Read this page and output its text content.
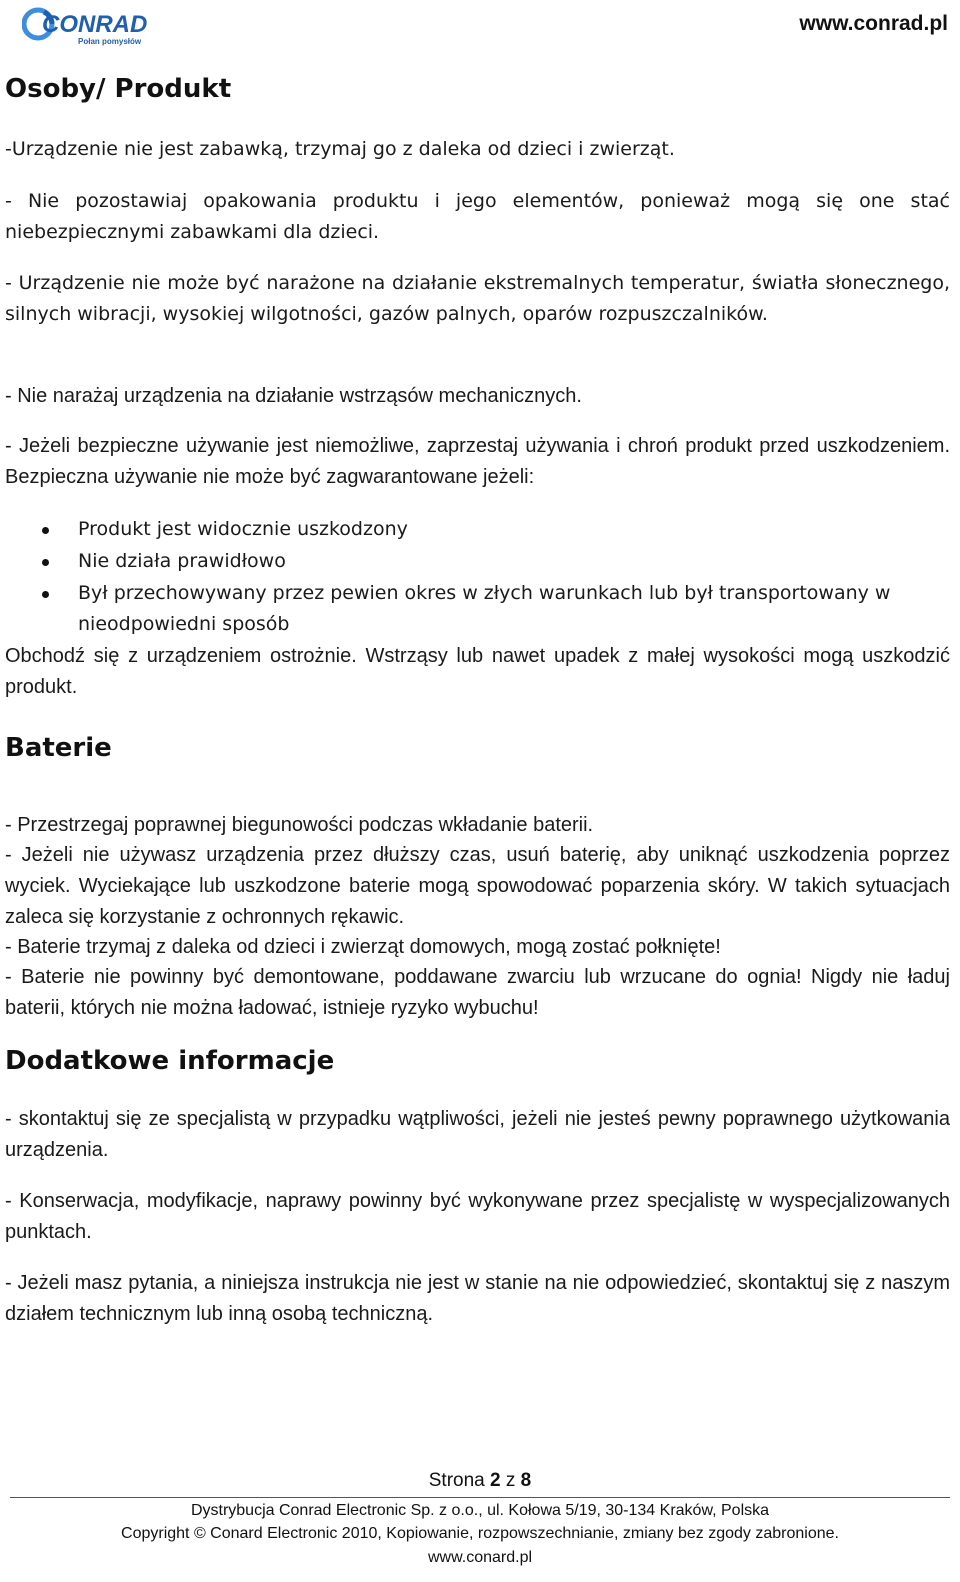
CONRAD
Połan pomysłów
www.conrad.pl
Osoby/ Produkt
-Urządzenie nie jest zabawką, trzymaj go z daleka od dzieci i zwierząt.
- Nie pozostawiaj opakowania produktu i jego elementów, ponieważ mogą się one stać niebezpiecznymi zabawkami dla dzieci.
- Urządzenie nie może być narażone na działanie ekstremalnych temperatur, światła słonecznego, silnych wibracji, wysokiej wilgotności, gazów palnych, oparów rozpuszczalników.
- Nie narażaj urządzenia na działanie wstrząsów mechanicznych.
- Jeżeli bezpieczne używanie jest niemożliwe, zaprzestaj używania i chroń produkt przed uszkodzeniem. Bezpieczna używanie nie może być zagwarantowane jeżeli:
Produkt jest widocznie uszkodzony
Nie działa prawidłowo
Był przechowywany przez pewien okres w złych warunkach lub był transportowany w nieodpowiedni sposób
Obchodź się z urządzeniem ostrożnie. Wstrząsy lub nawet upadek z małej wysokości mogą uszkodzić produkt.
Baterie
- Przestrzegaj poprawnej biegunowości podczas wkładanie baterii.
- Jeżeli nie używasz urządzenia przez dłuższy czas, usuń baterię, aby uniknąć uszkodzenia poprzez wyciek. Wyciekające lub uszkodzone baterie mogą spowodować poparzenia skóry. W takich sytuacjach zaleca się korzystanie z ochronnych rękawic.
- Baterie trzymaj z daleka od dzieci i zwierząt domowych, mogą zostać połknięte!
- Baterie nie powinny być demontowane, poddawane zwarciu lub wrzucane do ognia! Nigdy nie ładuj baterii, których nie można ładować, istnieje ryzyko wybuchu!
Dodatkowe informacje
- skontaktuj się ze specjalistą w przypadku wątpliwości, jeżeli nie jesteś pewny poprawnego użytkowania urządzenia.
- Konserwacja, modyfikacje, naprawy powinny być wykonywane przez specjalistę w wyspecjalizowanych punktach.
- Jeżeli masz pytania, a niniejsza instrukcja nie jest w stanie na nie odpowiedzieć, skontaktuj się z naszym działem technicznym lub inną osobą techniczną.
Strona 2 z 8
Dystrybucja Conrad Electronic Sp. z o.o., ul. Kołowa 5/19, 30-134 Kraków, Polska
Copyright © Conard Electronic 2010, Kopiowanie, rozpowszechnianie, zmiany bez zgody zabronione.
www.conard.pl
